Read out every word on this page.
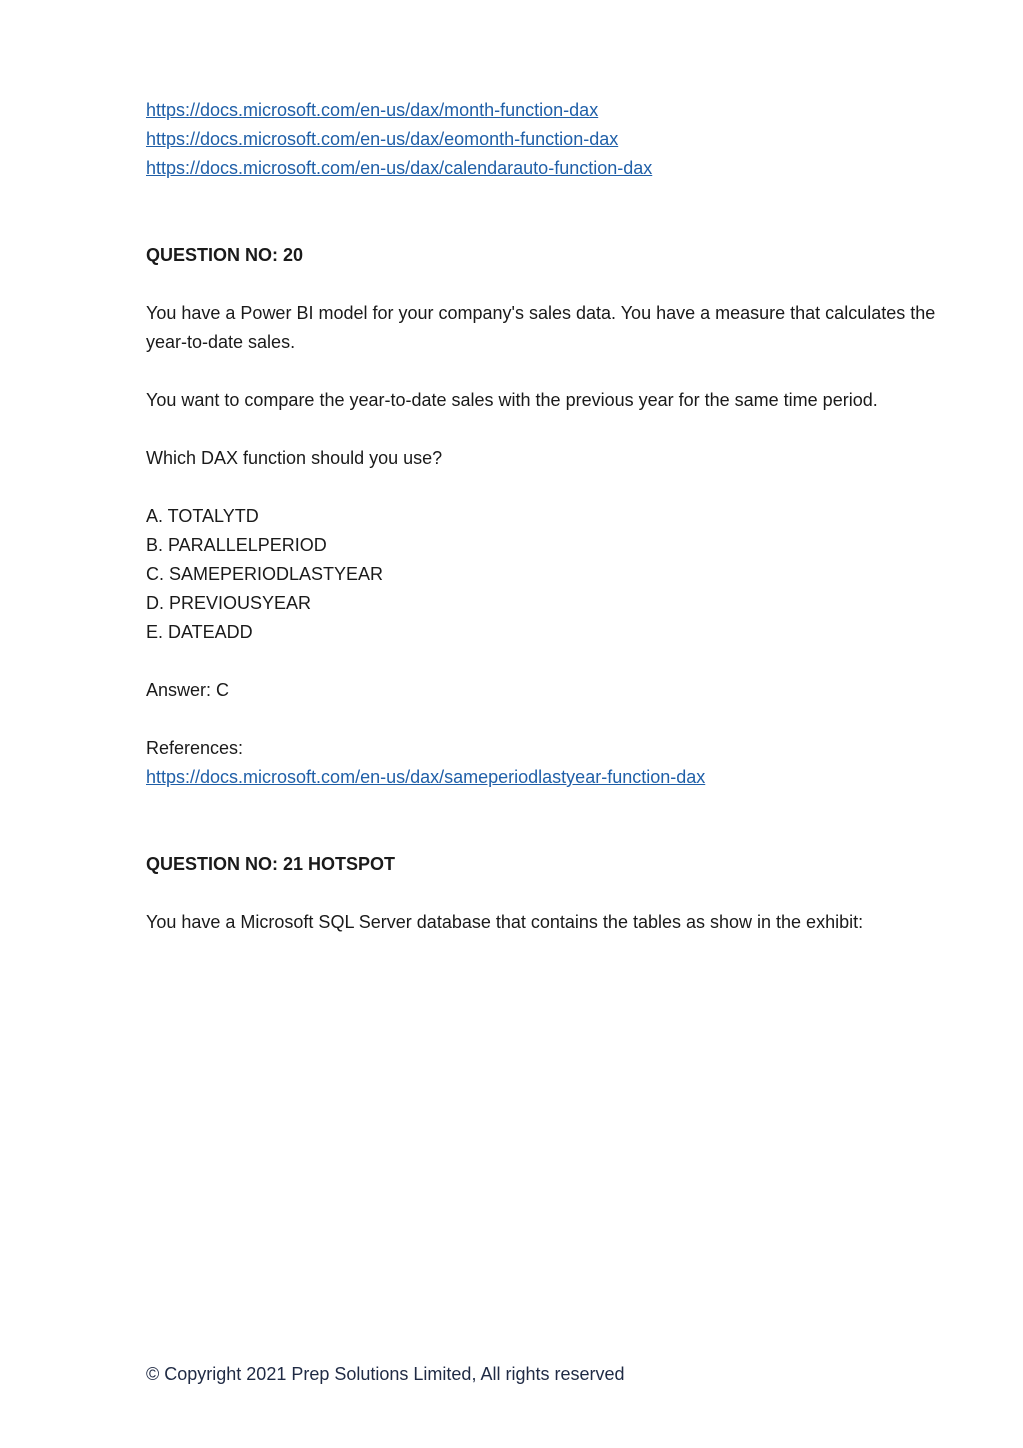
https://docs.microsoft.com/en-us/dax/month-function-dax
https://docs.microsoft.com/en-us/dax/eomonth-function-dax
https://docs.microsoft.com/en-us/dax/calendarauto-function-dax
QUESTION NO: 20
You have a Power BI model for your company's sales data. You have a measure that calculates the year-to-date sales.
You want to compare the year-to-date sales with the previous year for the same time period.
Which DAX function should you use?
A. TOTALYTD
B. PARALLELPERIOD
C. SAMEPERIODLASTYEAR
D. PREVIOUSYEAR
E. DATEADD
Answer: C
References:
https://docs.microsoft.com/en-us/dax/sameperiodlastyear-function-dax
QUESTION NO: 21 HOTSPOT
You have a Microsoft SQL Server database that contains the tables as show in the exhibit:
© Copyright 2021 Prep Solutions Limited, All rights reserved
